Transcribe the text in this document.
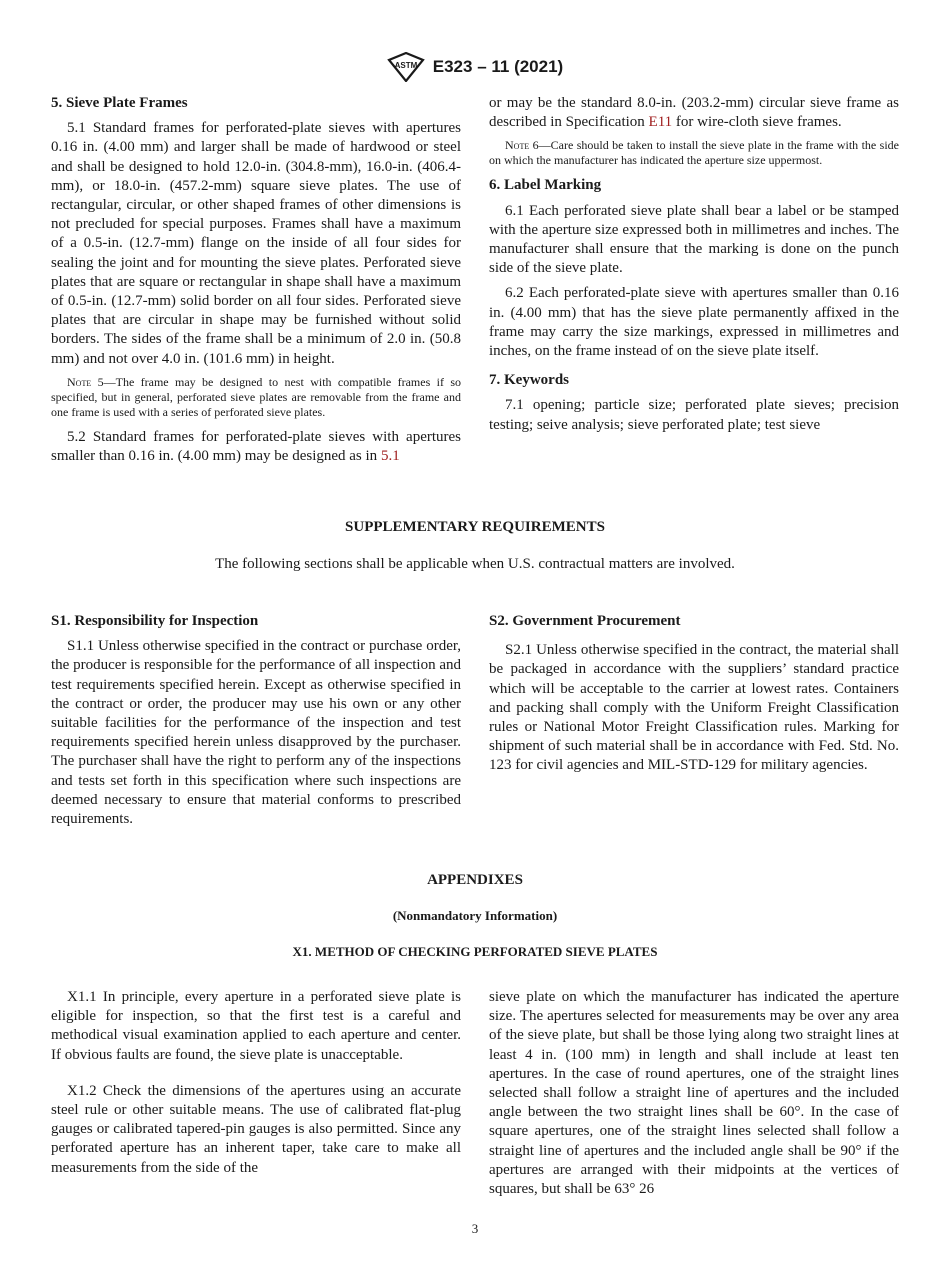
ASTM E323 – 11 (2021)
5. Sieve Plate Frames

5.1 Standard frames for perforated-plate sieves with apertures 0.16 in. (4.00 mm) and larger shall be made of hardwood or steel and shall be designed to hold 12.0-in. (304.8-mm), 16.0-in. (406.4-mm), or 18.0-in. (457.2-mm) square sieve plates. The use of rectangular, circular, or other shaped frames of other dimensions is not precluded for special purposes. Frames shall have a maximum of a 0.5-in. (12.7-mm) flange on the inside of all four sides for sealing the joint and for mounting the sieve plates. Perforated sieve plates that are square or rectangular in shape shall have a maximum of 0.5-in. (12.7-mm) solid border on all four sides. Perforated sieve plates that are circular in shape may be furnished without solid borders. The sides of the frame shall be a minimum of 2.0 in. (50.8 mm) and not over 4.0 in. (101.6 mm) in height.

Note 5—The frame may be designed to nest with compatible frames if so specified, but in general, perforated sieve plates are removable from the frame and one frame is used with a series of perforated sieve plates.

5.2 Standard frames for perforated-plate sieves with apertures smaller than 0.16 in. (4.00 mm) may be designed as in 5.1

or may be the standard 8.0-in. (203.2-mm) circular sieve frame as described in Specification E11 for wire-cloth sieve frames.

Note 6—Care should be taken to install the sieve plate in the frame with the side on which the manufacturer has indicated the aperture size uppermost.

6. Label Marking

6.1 Each perforated sieve plate shall bear a label or be stamped with the aperture size expressed both in millimetres and inches. The manufacturer shall ensure that the marking is done on the punch side of the sieve plate.

6.2 Each perforated-plate sieve with apertures smaller than 0.16 in. (4.00 mm) that has the sieve plate permanently affixed in the frame may carry the size markings, expressed in millimetres and inches, on the frame instead of on the sieve plate itself.

7. Keywords

7.1 opening; particle size; perforated plate sieves; precision testing; seive analysis; sieve perforated plate; test sieve

SUPPLEMENTARY REQUIREMENTS
The following sections shall be applicable when U.S. contractual matters are involved.
S1. Responsibility for Inspection

S1.1 Unless otherwise specified in the contract or purchase order, the producer is responsible for the performance of all inspection and test requirements specified herein. Except as otherwise specified in the contract or order, the producer may use his own or any other suitable facilities for the performance of the inspection and test requirements specified herein unless disapproved by the purchaser. The purchaser shall have the right to perform any of the inspections and tests set forth in this specification where such inspections are deemed necessary to ensure that material conforms to prescribed requirements.

S2. Government Procurement

S2.1 Unless otherwise specified in the contract, the material shall be packaged in accordance with the suppliers’ standard practice which will be acceptable to the carrier at lowest rates. Containers and packing shall comply with the Uniform Freight Classification rules or National Motor Freight Classification rules. Marking for shipment of such material shall be in accordance with Fed. Std. No. 123 for civil agencies and MIL-STD-129 for military agencies.

APPENDIXES
(Nonmandatory Information)
X1. METHOD OF CHECKING PERFORATED SIEVE PLATES

X1.1 In principle, every aperture in a perforated sieve plate is eligible for inspection, so that the first test is a careful and methodical visual examination applied to each aperture and center. If obvious faults are found, the sieve plate is unacceptable.

X1.2 Check the dimensions of the apertures using an accurate steel rule or other suitable means. The use of calibrated flat-plug gauges or calibrated tapered-pin gauges is also permitted. Since any perforated aperture has an inherent taper, take care to make all measurements from the side of the

sieve plate on which the manufacturer has indicated the aperture size. The apertures selected for measurements may be over any area of the sieve plate, but shall be those lying along two straight lines at least 4 in. (100 mm) in length and shall include at least ten apertures. In the case of round apertures, one of the straight lines selected shall follow a straight line of apertures and the included angle between the two straight lines shall be 60°. In the case of square apertures, one of the straight lines selected shall follow a straight line of apertures and the included angle shall be 90° if the apertures are arranged with their midpoints at the vertices of squares, but shall be 63° 26

3
